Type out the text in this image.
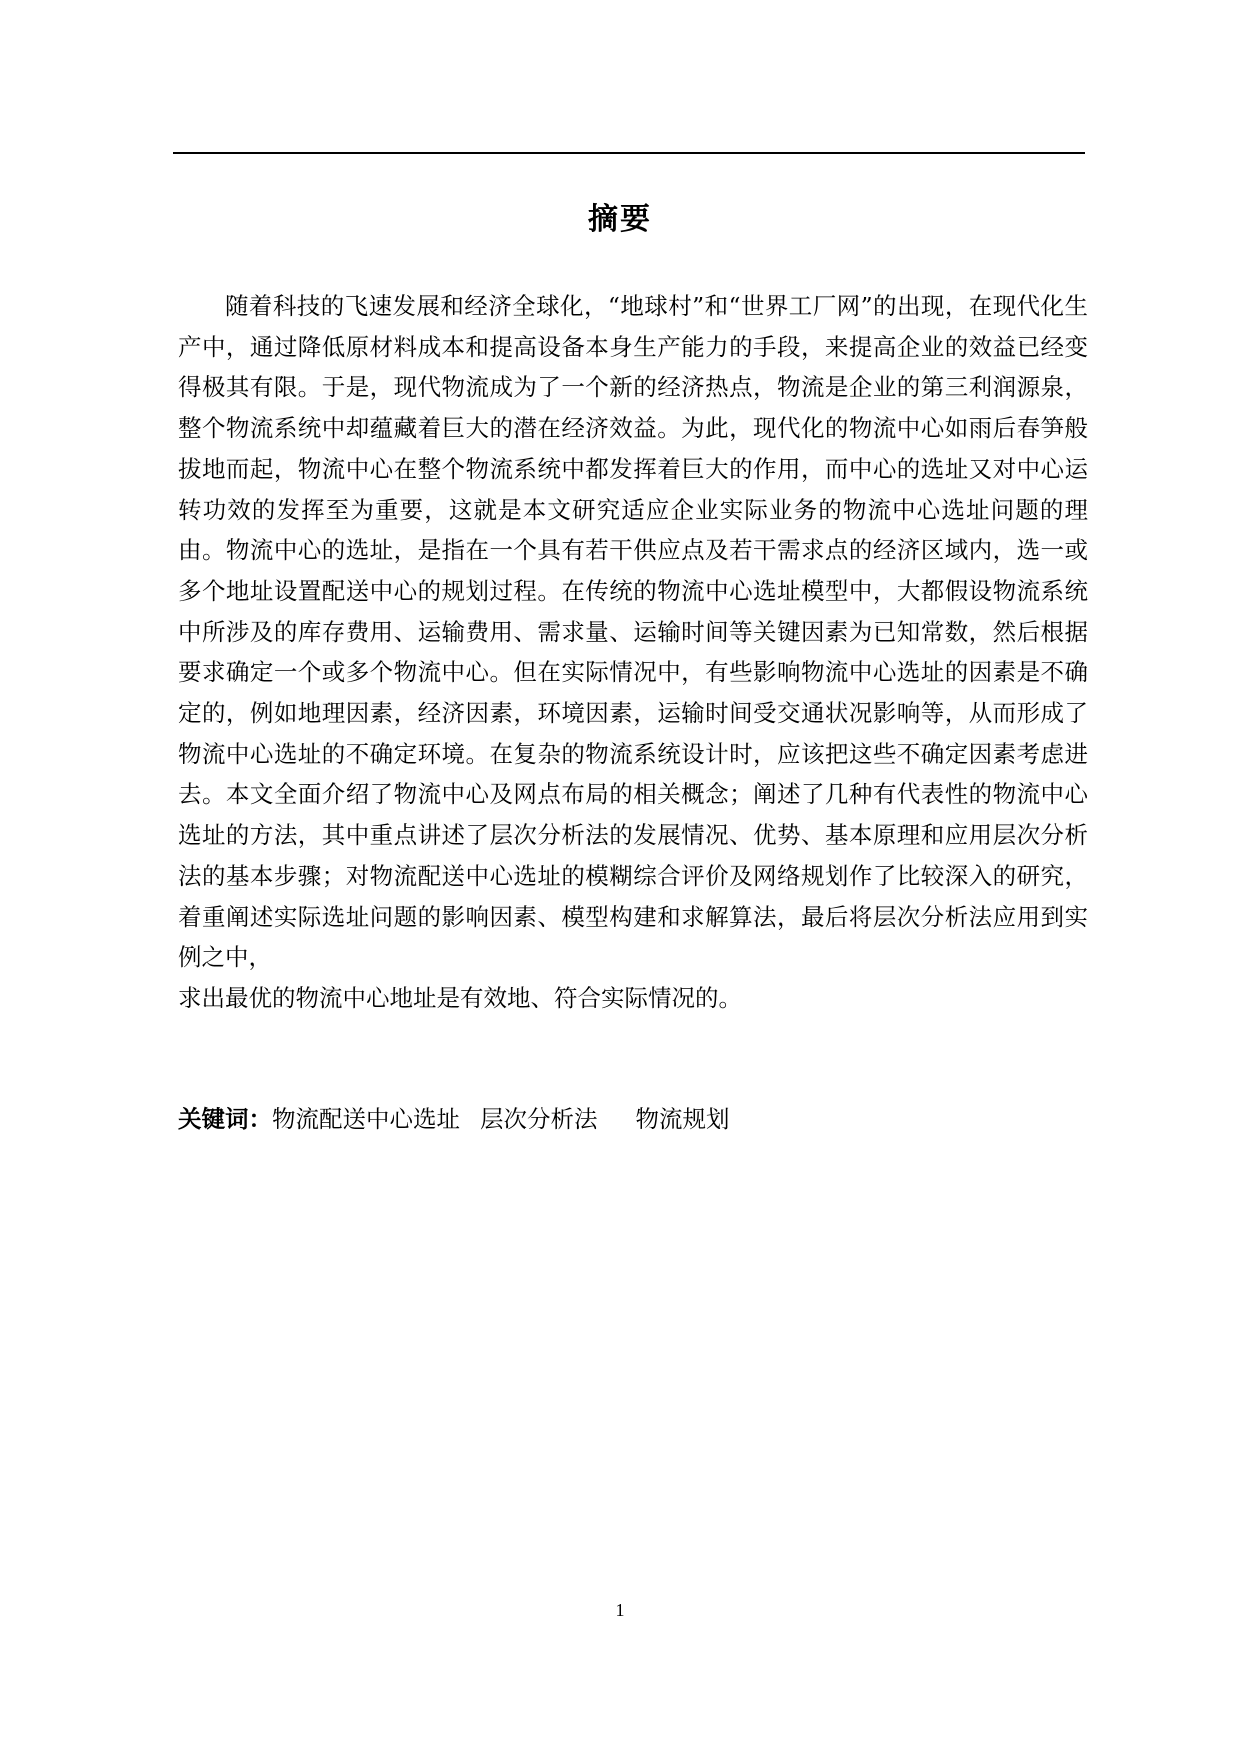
摘要

随着科技的飞速发展和经济全球化，“地球村”和“世界工厂网”的出现，在现代化生产中，通过降低原材料成本和提高设备本身生产能力的手段，来提高企业的效益已经变得极其有限。于是，现代物流成为了一个新的经济热点，物流是企业的第三利润源泉，整个物流系统中却蕴藏着巨大的潜在经济效益。为此，现代化的物流中心如雨后春笋般拔地而起，物流中心在整个物流系统中都发挥着巨大的作用，而中心的选址又对中心运转功效的发挥至为重要，这就是本文研究适应企业实际业务的物流中心选址问题的理由。物流中心的选址，是指在一个具有若干供应点及若干需求点的经济区域内，选一或多个地址设置配送中心的规划过程。在传统的物流中心选址模型中，大都假设物流系统中所涉及的库存费用、运输费用、需求量、运输时间等关键因素为已知常数，然后根据要求确定一个或多个物流中心。但在实际情况中，有些影响物流中心选址的因素是不确定的，例如地理因素，经济因素，环境因素，运输时间受交通状况影响等，从而形成了物流中心选址的不确定环境。在复杂的物流系统设计时，应该把这些不确定因素考虑进去。本文全面介绍了物流中心及网点布局的相关概念；阐述了几种有代表性的物流中心选址的方法，其中重点讲述了层次分析法的发展情况、优势、基本原理和应用层次分析法的基本步骤；对物流配送中心选址的模糊综合评价及网络规划作了比较深入的研究，着重阐述实际选址问题的影响因素、模型构建和求解算法，最后将层次分析法应用到实例之中，

求出最优的物流中心地址是有效地、符合实际情况的。

关键词：物流配送中心选址 层次分析法 物流规划
1
